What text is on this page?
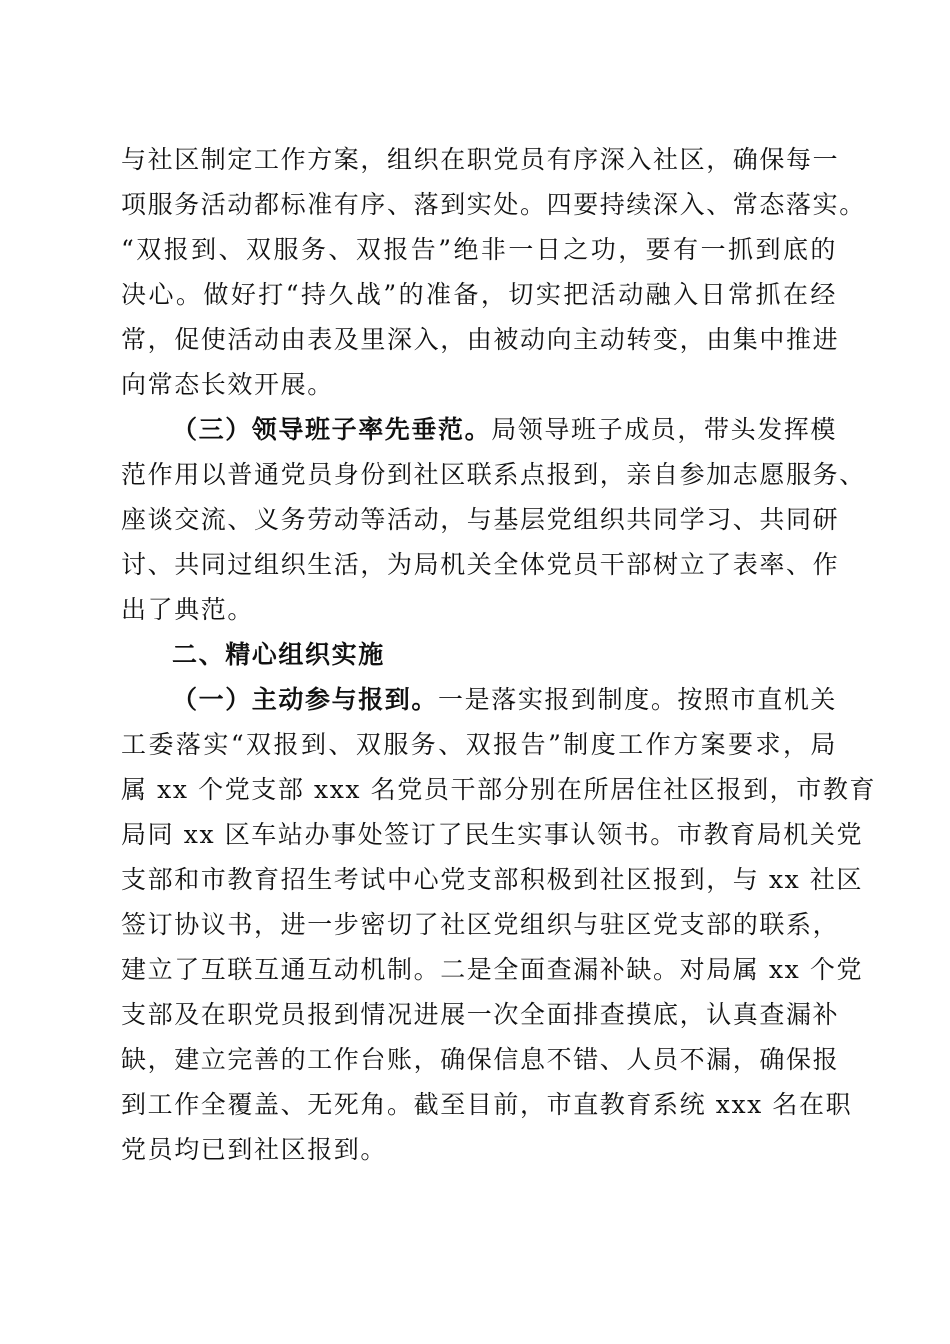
与社区制定工作方案，组织在职党员有序深入社区，确保每一
项服务活动都标准有序、落到实处。四要持续深入、常态落实。
“双报到、双服务、双报告”绝非一日之功，要有一抓到底的
决心。做好打“持久战”的准备，切实把活动融入日常抓在经
常，促使活动由表及里深入，由被动向主动转变，由集中推进
向常态长效开展。
（三）领导班子率先垂范。局领导班子成员，带头发挥模
范作用以普通党员身份到社区联系点报到，亲自参加志愿服务、
座谈交流、义务劳动等活动，与基层党组织共同学习、共同研
讨、共同过组织生活，为局机关全体党员干部树立了表率、作
出了典范。
二、精心组织实施
（一）主动参与报到。一是落实报到制度。按照市直机关
工委落实“双报到、双服务、双报告”制度工作方案要求，局
属 xx 个党支部 xxx 名党员干部分别在所居住社区报到，市教育
局同 xx 区车站办事处签订了民生实事认领书。市教育局机关党
支部和市教育招生考试中心党支部积极到社区报到，与 xx 社区
签订协议书，进一步密切了社区党组织与驻区党支部的联系，
建立了互联互通互动机制。二是全面查漏补缺。对局属 xx 个党
支部及在职党员报到情况进展一次全面排查摸底，认真查漏补
缺，建立完善的工作台账，确保信息不错、人员不漏，确保报
到工作全覆盖、无死角。截至目前，市直教育系统 xxx 名在职
党员均已到社区报到。
